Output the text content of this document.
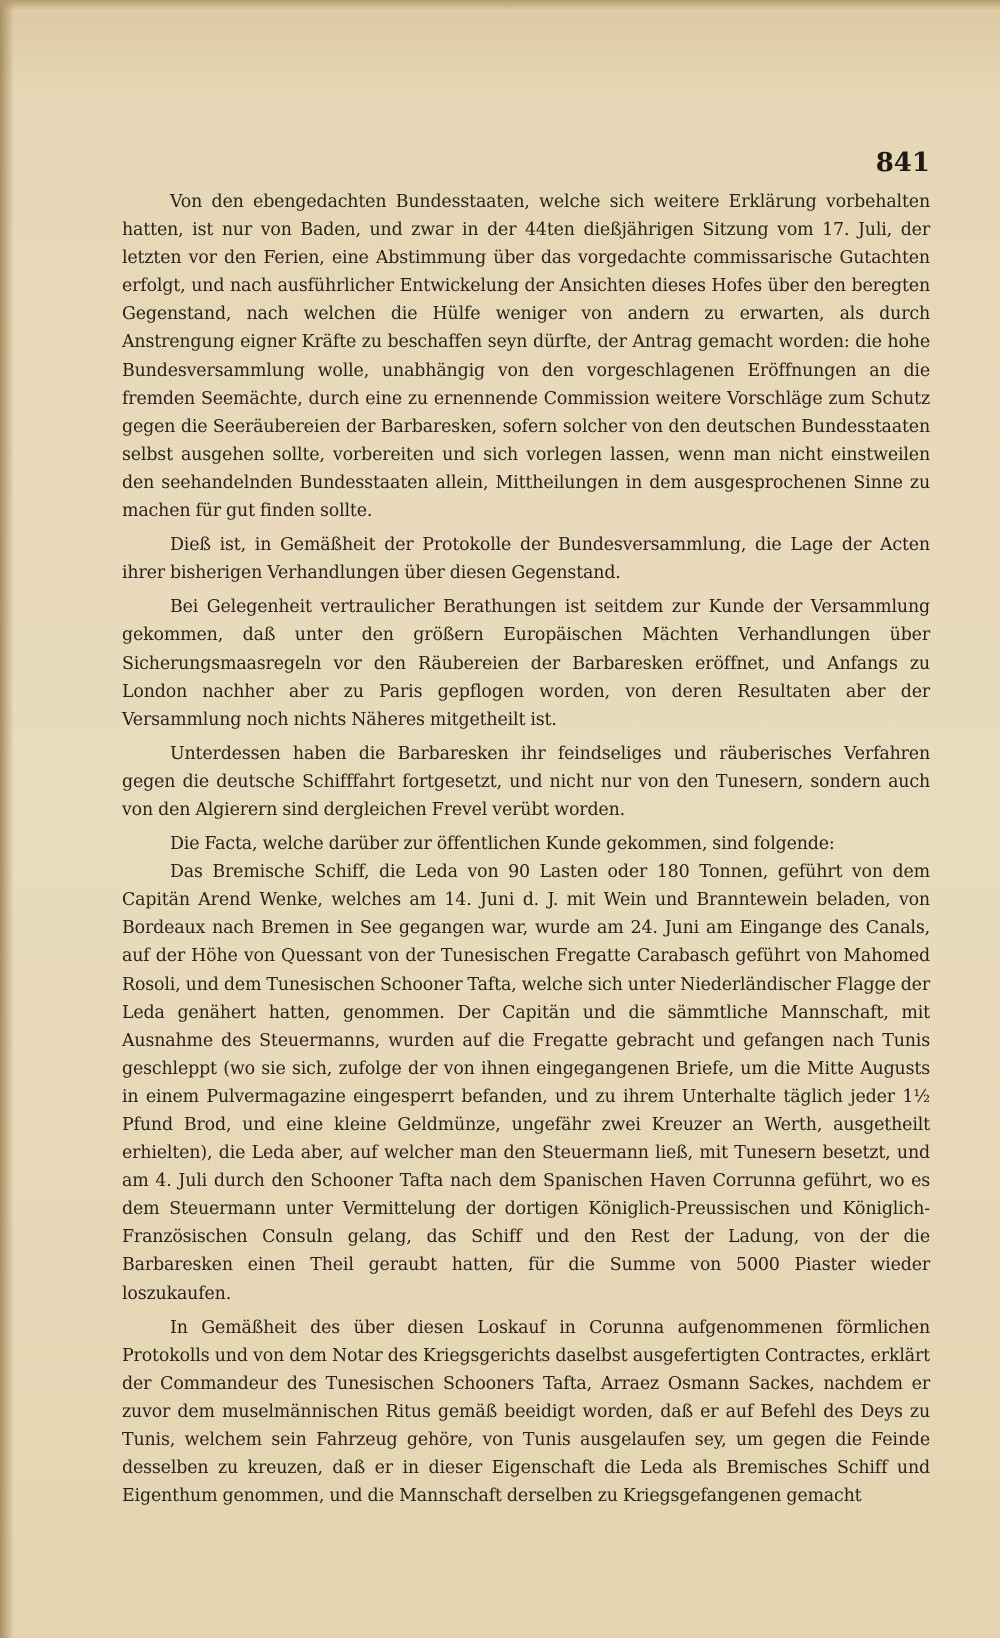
841

Von den ebengedachten Bundesstaaten, welche sich weitere Erklärung vorbehalten hatten, ist nur von Baden, und zwar in der 44ten dießjährigen Sitzung vom 17. Juli, der letzten vor den Ferien, eine Abstimmung über das vorgedachte commissarische Gutachten erfolgt, und nach ausführlicher Entwickelung der Ansichten dieses Hofes über den beregten Gegenstand, nach welchen die Hülfe weniger von andern zu erwarten, als durch Anstrengung eigner Kräfte zu beschaffen seyn dürfte, der Antrag gemacht worden: die hohe Bundesversammlung wolle, unabhängig von den vorgeschlagenen Eröffnungen an die fremden Seemächte, durch eine zu ernennende Commission weitere Vorschläge zum Schutz gegen die Seeräubereien der Barbaresken, sofern solcher von den deutschen Bundesstaaten selbst ausgehen sollte, vorbereiten und sich vorlegen lassen, wenn man nicht einstweilen den seehandelnden Bundesstaaten allein, Mittheilungen in dem ausgesprochenen Sinne zu machen für gut finden sollte.

Dieß ist, in Gemäßheit der Protokolle der Bundesversammlung, die Lage der Acten ihrer bisherigen Verhandlungen über diesen Gegenstand.

Bei Gelegenheit vertraulicher Berathungen ist seitdem zur Kunde der Versammlung gekommen, daß unter den größern Europäischen Mächten Verhandlungen über Sicherungsmaasregeln vor den Räubereien der Barbaresken eröffnet, und Anfangs zu London nachher aber zu Paris gepflogen worden, von deren Resultaten aber der Versammlung noch nichts Näheres mitgetheilt ist.

Unterdessen haben die Barbaresken ihr feindseliges und räuberisches Verfahren gegen die deutsche Schifffahrt fortgesetzt, und nicht nur von den Tunesern, sondern auch von den Algierern sind dergleichen Frevel verübt worden.

Die Facta, welche darüber zur öffentlichen Kunde gekommen, sind folgende:

Das Bremische Schiff, die Leda von 90 Lasten oder 180 Tonnen, geführt von dem Capitän Arend Wenke, welches am 14. Juni d. J. mit Wein und Branntewein beladen, von Bordeaux nach Bremen in See gegangen war, wurde am 24. Juni am Eingange des Canals, auf der Höhe von Quessant von der Tunesischen Fregatte Carabasch geführt von Mahomed Rosoli, und dem Tunesischen Schooner Tafta, welche sich unter Niederländischer Flagge der Leda genähert hatten, genommen. Der Capitän und die sämmtliche Mannschaft, mit Ausnahme des Steuermanns, wurden auf die Fregatte gebracht und gefangen nach Tunis geschleppt (wo sie sich, zufolge der von ihnen eingegangenen Briefe, um die Mitte Augusts in einem Pulvermagazine eingesperrt befanden, und zu ihrem Unterhalte täglich jeder 1½ Pfund Brod, und eine kleine Geldmünze, ungefähr zwei Kreuzer an Werth, ausgetheilt erhielten), die Leda aber, auf welcher man den Steuermann ließ, mit Tunesern besetzt, und am 4. Juli durch den Schooner Tafta nach dem Spanischen Haven Corrunna geführt, wo es dem Steuermann unter Vermittelung der dortigen Königlich-Preussischen und Königlich-Französischen Consuln gelang, das Schiff und den Rest der Ladung, von der die Barbaresken einen Theil geraubt hatten, für die Summe von 5000 Piaster wieder loszukaufen.

In Gemäßheit des über diesen Loskauf in Corunna aufgenommenen förmlichen Protokolls und von dem Notar des Kriegsgerichts daselbst ausgefertigten Contractes, erklärt der Commandeur des Tunesischen Schooners Tafta, Arraez Osmann Sackes, nachdem er zuvor dem muselmännischen Ritus gemäß beeidigt worden, daß er auf Befehl des Deys zu Tunis, welchem sein Fahrzeug gehöre, von Tunis ausgelaufen sey, um gegen die Feinde desselben zu kreuzen, daß er in dieser Eigenschaft die Leda als Bremisches Schiff und Eigenthum genommen, und die Mannschaft derselben zu Kriegsgefangenen gemacht
